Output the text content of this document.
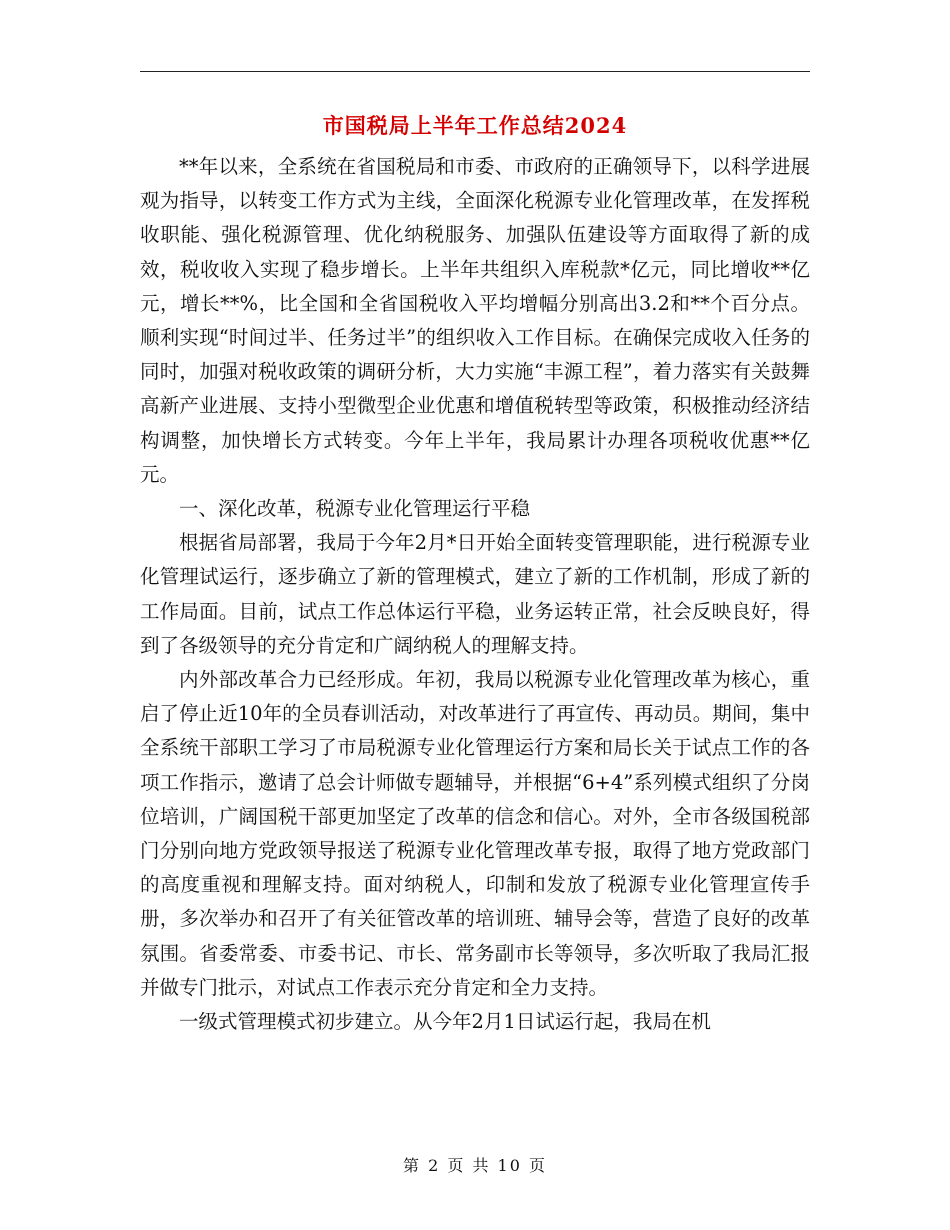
市国税局上半年工作总结2024

**年以来，全系统在省国税局和市委、市政府的正确领导下，以科学进展观为指导，以转变工作方式为主线，全面深化税源专业化管理改革，在发挥税收职能、强化税源管理、优化纳税服务、加强队伍建设等方面取得了新的成效，税收收入实现了稳步增长。上半年共组织入库税款*亿元，同比增收**亿元，增长**%，比全国和全省国税收入平均增幅分别高出3.2和**个百分点。顺利实现“时间过半、任务过半”的组织收入工作目标。在确保完成收入任务的同时，加强对税收政策的调研分析，大力实施“丰源工程”，着力落实有关鼓舞高新产业进展、支持小型微型企业优惠和增值税转型等政策，积极推动经济结构调整，加快增长方式转变。今年上半年，我局累计办理各项税收优惠**亿元。

一、深化改革，税源专业化管理运行平稳

根据省局部署，我局于今年2月*日开始全面转变管理职能，进行税源专业化管理试运行，逐步确立了新的管理模式，建立了新的工作机制，形成了新的工作局面。目前，试点工作总体运行平稳，业务运转正常，社会反映良好，得到了各级领导的充分肯定和广阔纳税人的理解支持。

内外部改革合力已经形成。年初，我局以税源专业化管理改革为核心，重启了停止近10年的全员春训活动，对改革进行了再宣传、再动员。期间，集中全系统干部职工学习了市局税源专业化管理运行方案和局长关于试点工作的各项工作指示，邀请了总会计师做专题辅导，并根据“6+4”系列模式组织了分岗位培训，广阔国税干部更加坚定了改革的信念和信心。对外，全市各级国税部门分别向地方党政领导报送了税源专业化管理改革专报，取得了地方党政部门的高度重视和理解支持。面对纳税人，印制和发放了税源专业化管理宣传手册，多次举办和召开了有关征管改革的培训班、辅导会等，营造了良好的改革氛围。省委常委、市委书记、市长、常务副市长等领导，多次听取了我局汇报并做专门批示，对试点工作表示充分肯定和全力支持。

一级式管理模式初步建立。从今年2月1日试运行起，我局在机

第 2 页 共 10 页
